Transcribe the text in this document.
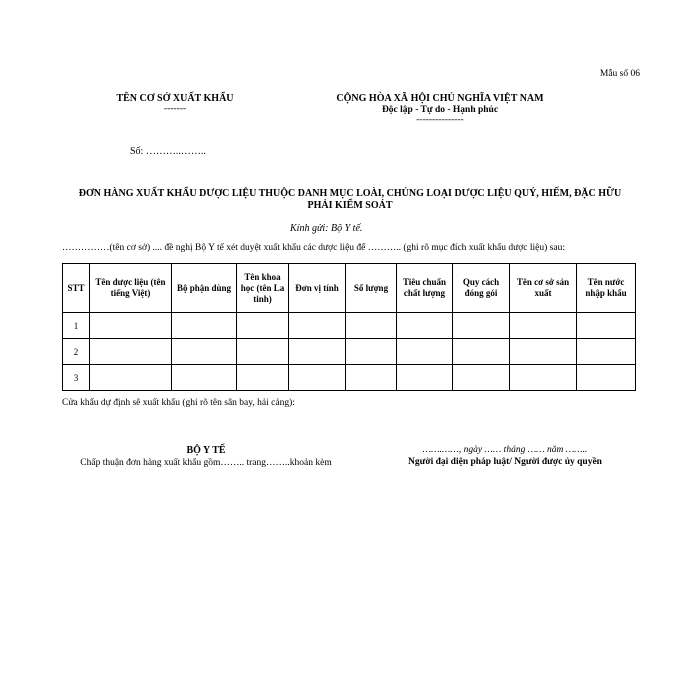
Mẫu số 06
TÊN CƠ SỞ XUẤT KHẨU
-------
CỘNG HÒA XÃ HỘI CHỦ NGHĨA VIỆT NAM
Độc lập - Tự do - Hạnh phúc
---------------
Số: ………..……..
ĐƠN HÀNG XUẤT KHẨU DƯỢC LIỆU THUỘC DANH MỤC LOÀI, CHỦNG LOẠI DƯỢC LIỆU QUÝ, HIẾM, ĐẶC HỮU PHẢI KIỂM SOÁT
Kính gửi: Bộ Y tế.
……………(tên cơ sở) .... đề nghị Bộ Y tế xét duyệt xuất khẩu các dược liệu để ……….. (ghi rõ mục đích xuất khẩu dược liệu) sau:
STT	Tên dược liệu (tên tiếng Việt)	Bộ phận dùng	Tên khoa học (tên La tinh)	Đơn vị tính	Số lượng	Tiêu chuẩn chất lượng	Quy cách đóng gói	Tên cơ sở sản xuất	Tên nước nhập khẩu
1									
2									
3									
Cửa khẩu dự định sẽ xuất khẩu (ghi rõ tên sân bay, hải cảng):
BỘ Y TẾ
Chấp thuận đơn hàng xuất khẩu gồm…….. trang……..khoản kèm
…….……, ngày …… tháng …… năm ……..
Người đại diện pháp luật/ Người được ủy quyền
